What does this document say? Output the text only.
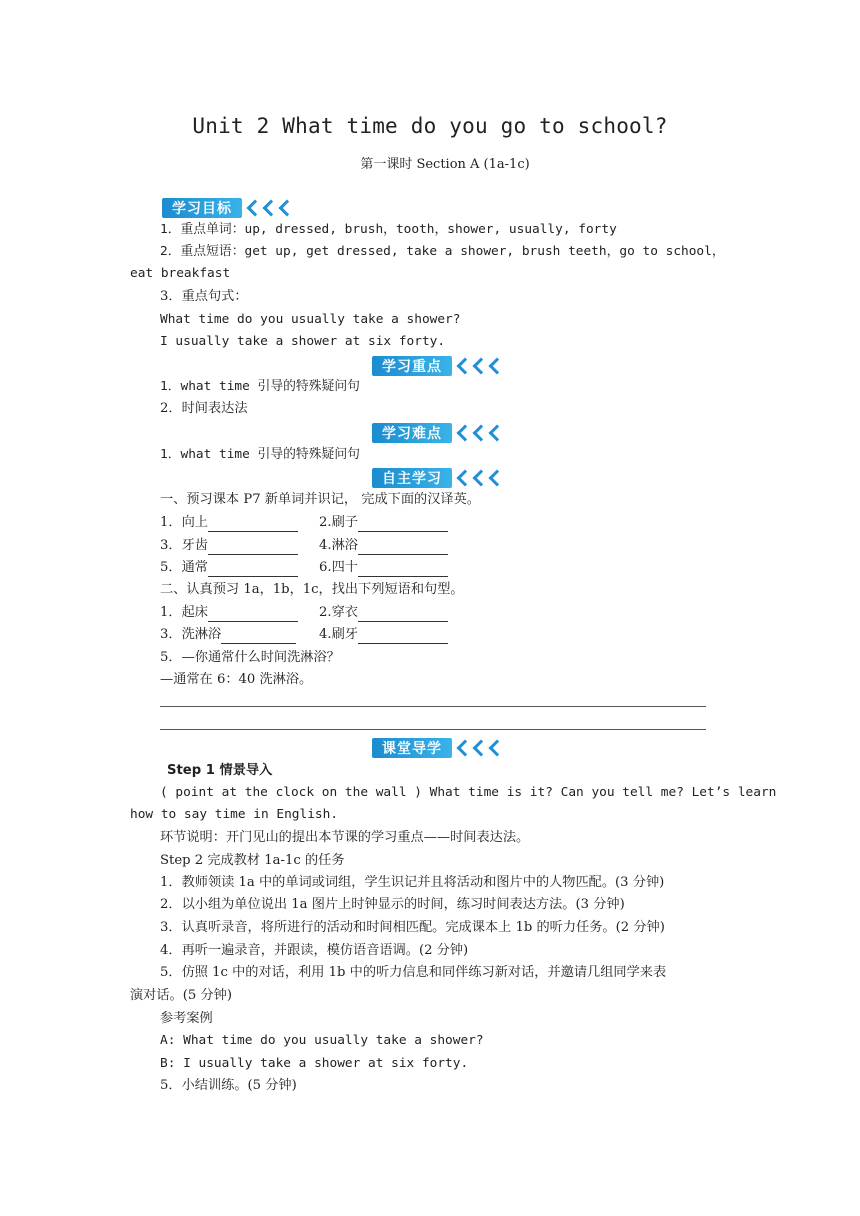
Unit 2 What time do you go to school?
第一课时 Section A (1a-1c)
学习目标
1．重点单词：up, dressed, brush，tooth，shower, usually, forty
2．重点短语：get up, get dressed, take a shower, brush teeth，go to school，
eat breakfast
3．重点句式：
What time do you usually take a shower?
I usually take a shower at six forty.
学习重点
1．what time 引导的特殊疑问句
2．时间表达法
学习难点
1．what time 引导的特殊疑问句
自主学习
一、预习课本 P7 新单词并识记， 完成下面的汉译英。
1．向上	2.刷子
3．牙齿	4.淋浴
5．通常	6.四十
二、认真预习 1a，1b，1c，找出下列短语和句型。
1．起床	2.穿衣
3．洗淋浴	4.刷牙
5．—你通常什么时间洗淋浴？
—通常在 6：40 洗淋浴。
课堂导学
Step 1 情景导入
( point at the clock on the wall ) What time is it? Can you tell me? Let’s learn
how to say time in English.
环节说明：开门见山的提出本节课的学习重点——时间表达法。
Step 2 完成教材 1a-1c 的任务
1．教师领读 1a 中的单词或词组，学生识记并且将活动和图片中的人物匹配。(3 分钟)
2．以小组为单位说出 1a 图片上时钟显示的时间，练习时间表达方法。(3 分钟)
3．认真听录音，将所进行的活动和时间相匹配。完成课本上 1b 的听力任务。(2 分钟)
4．再听一遍录音，并跟读，模仿语音语调。(2 分钟)
5．仿照 1c 中的对话，利用 1b 中的听力信息和同伴练习新对话，并邀请几组同学来表
演对话。(5 分钟)
参考案例
A: What time do you usually take a shower?
B: I usually take a shower at six forty.
5．小结训练。(5 分钟)
